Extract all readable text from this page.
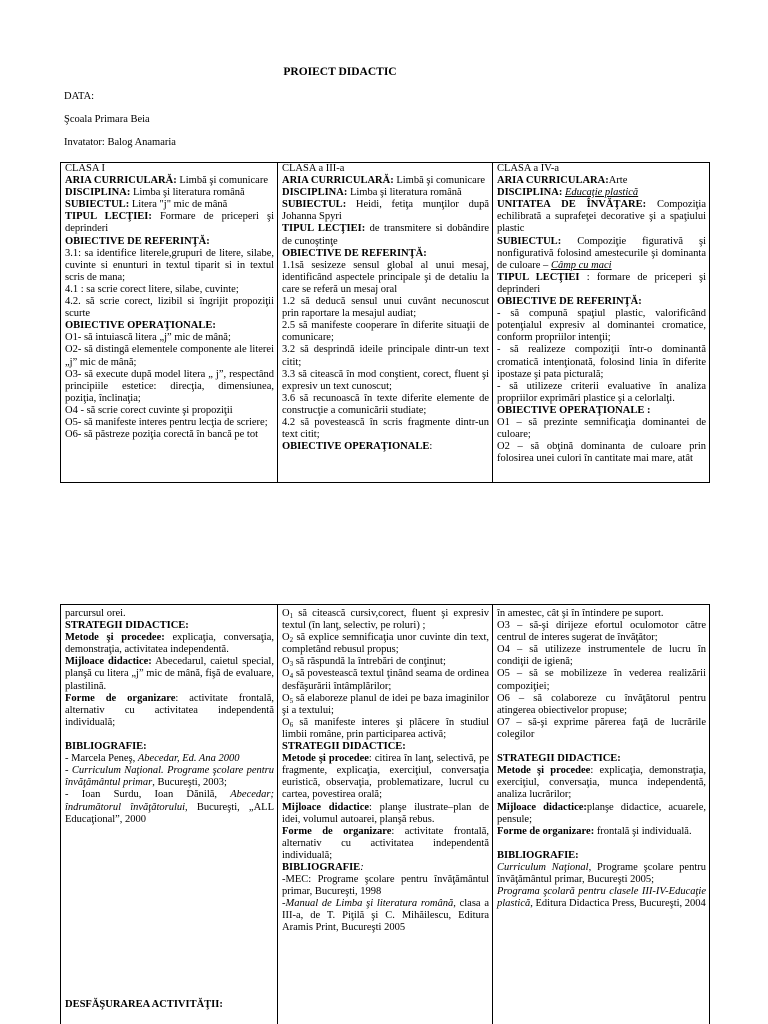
PROIECT DIDACTIC
DATA:
Şcoala Primara Beia
Invatator: Balog Anamaria

CLASA I

ARIA CURRICULARĂ: Limbă şi comunicare

DISCIPLINA: Limba şi literatura română

SUBIECTUL: Litera "j" mic de mână

TIPUL LECŢIEI: Formare de priceperi şi deprinderi

OBIECTIVE DE REFERINŢĂ:

3.1: sa identifice literele,grupuri de litere, silabe, cuvinte si enunturi in textul tiparit si in textul scris de mana;

4.1 : sa scrie corect litere, silabe, cuvinte;

4.2. să scrie corect, lizibil si îngrijit propoziţii scurte

OBIECTIVE OPERAŢIONALE:

O1- să intuiască litera „j” mic de mână;

O2- să distingă elementele componente ale literei „j” mic de mână;

O3- să execute după model litera „ j”, respectând principiile estetice: direcţia, dimensiunea, poziţia, înclinaţia;

O4 - să scrie corect cuvinte şi propoziţii

O5- să manifeste interes pentru lecţia de scriere;

O6- să păstreze poziţia corectă în bancă pe tot

CLASA a III-a

ARIA CURRICULARĂ: Limbă şi comunicare

DISCIPLINA: Limba şi literatura română

SUBIECTUL: Heidi, fetiţa munţilor după Johanna Spyri

TIPUL LECŢIEI: de transmitere si dobândire de cunoştinţe

OBIECTIVE DE REFERINŢĂ:

1.1să sesizeze sensul global al unui mesaj, identificând aspectele principale şi de detaliu la care se referă un mesaj oral

1.2 să deducă sensul unui cuvânt necunoscut prin raportare la mesajul audiat;

2.5 să manifeste cooperare în diferite situaţii de comunicare;

3.2 să desprindă ideile principale dintr-un text citit;

3.3 să citească în mod conştient, corect, fluent şi expresiv un text cunoscut;

3.6 să recunoască în texte diferite elemente de construcţie a comunicării studiate;

4.2 să povestească în scris fragmente dintr-un text citit;

OBIECTIVE OPERAŢIONALE:

CLASA a IV-a

ARIA CURRICULARA:Arte

DISCIPLINA: Educaţie plastică

UNITATEA DE ÎNVĂŢARE: Compoziţia echilibrată a suprafeţei decorative şi a spaţiului plastic

SUBIECTUL: Compoziţie figurativă şi nonfigurativă folosind amestecurile şi dominanta de culoare – Câmp cu maci

TIPUL LECŢIEI : formare de priceperi şi deprinderi

OBIECTIVE DE REFERINŢĂ:

- să compună spaţiul plastic, valorificând potenţialul expresiv al dominantei cromatice, conform propriilor intenţii;

- să realizeze compoziţii într-o dominantă cromatică intenţionată, folosind linia în diferite ipostaze şi pata picturală;

- să utilizeze criterii evaluative în analiza propriilor exprimări plastice şi a celorlalţi.

OBIECTIVE OPERAŢIONALE :

O1 – să prezinte semnificaţia dominantei de culoare;

O2 – să obţină dominanta de culoare prin folosirea unei culori în cantitate mai mare, atât

parcursul orei.

STRATEGII DIDACTICE:

Metode şi procedee: explicaţia, conversaţia, demonstraţia, activitatea independentă.

Mijloace didactice: Abecedarul, caietul special, planşă cu litera „j” mic de mână, fişă de evaluare, plastilină.

Forme de organizare: activitate frontală, alternativ cu activitatea independentă individuală;

BIBLIOGRAFIE:

- Marcela Peneş, Abecedar, Ed. Ana 2000

- Curriculum Naţional. Programe şcolare pentru învăţământul primar, Bucureşti, 2003;

- Ioan Surdu, Ioan Dănilă, Abecedar; îndrumătorul învăţătorului, Bucureşti, „ALL Educaţional”, 2000

DESFĂŞURAREA ACTIVITĂŢII:

$O_1$ să citească cursiv,corect, fluent şi expresiv textul (în lanţ, selectiv, pe roluri) ;

$O_2$ să explice semnificaţia unor cuvinte din text, completând rebusul propus;

$O_3$ să răspundă la întrebări de conţinut;

$O_4$ să povestească textul ţinând seama de ordinea desfăşurării întâmplărilor;

$O_5$ să elaboreze planul de idei pe baza imaginilor şi a textului;

$O_6$ să manifeste interes şi plăcere în studiul limbii române, prin participarea activă;

STRATEGII DIDACTICE:

Metode şi procedee: citirea în lanţ, selectivă, pe fragmente, explicaţia, exerciţiul, conversaţia euristică, observaţia, problematizare, lucrul cu cartea, povestirea orală;

Mijloace didactice: planşe ilustrate–plan de idei, volumul autoarei, planşă rebus.

Forme de organizare: activitate frontală, alternativ cu activitatea independentă individuală;

BIBLIOGRAFIE:

-MEC: Programe şcolare pentru învăţământul primar, Bucureşti, 1998

-Manual de Limba şi literatura română, clasa a III-a, de T. Piţilă şi C. Mihăilescu, Editura Aramis Print, Bucureşti 2005

în amestec, cât şi în întindere pe suport.

O3 – să-şi dirijeze efortul oculomotor către centrul de interes sugerat de învăţător;

O4 – să utilizeze instrumentele de lucru în condiţii de igienă;

O5 – să se mobilizeze în vederea realizării compoziţiei;

O6 – să colaboreze cu învăţătorul pentru atingerea obiectivelor propuse;

O7 – să-şi exprime părerea faţă de lucrările colegilor

STRATEGII DIDACTICE:

Metode şi procedee: explicaţia, demonstraţia, exerciţiul, conversaţia, munca independentă, analiza lucrărilor;

Mijloace didactice:planşe didactice, acuarele, pensule;

Forme de organizare: frontală şi individuală.

BIBLIOGRAFIE:

Curriculum Naţional, Programe şcolare pentru învăţământul primar, Bucureşti 2005;

Programa şcolară pentru clasele III-IV-Educaţie plastică, Editura Didactica Press, Bucureşti, 2004
